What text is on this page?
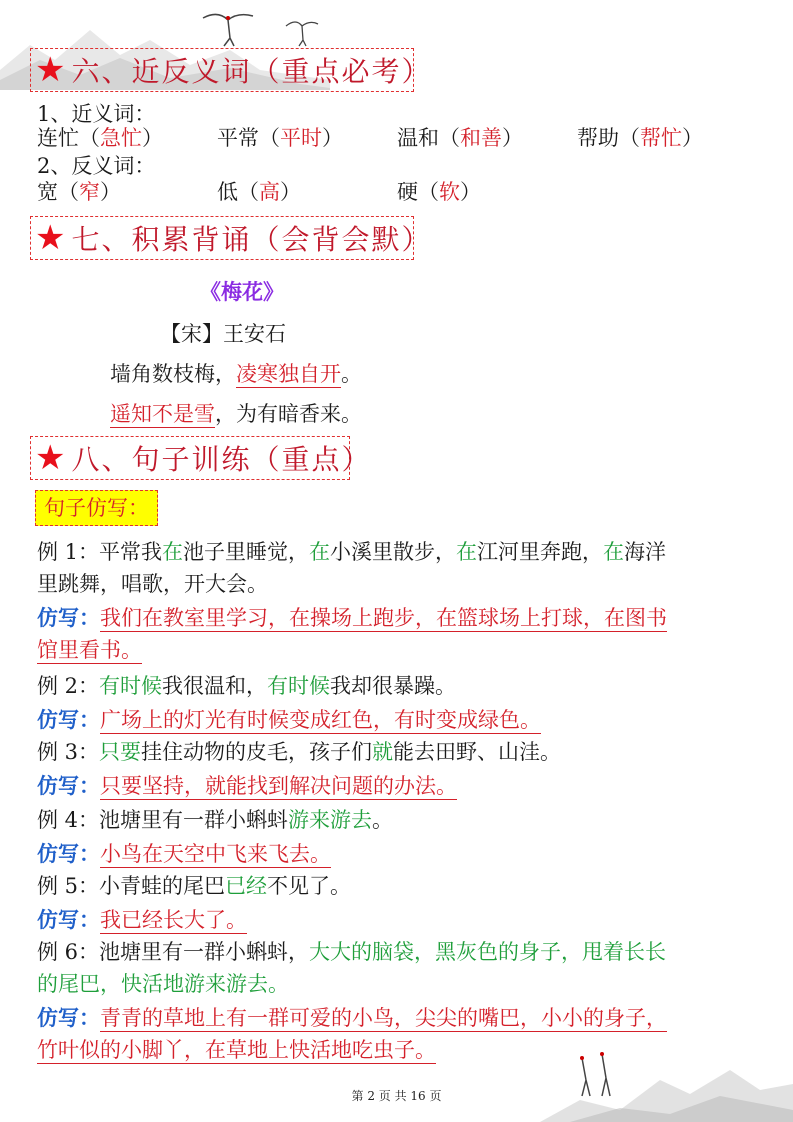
★ 六、近反义词（重点必考）
1、近义词：
连忙（急忙）	平常（平时）	温和（和善）	帮助（帮忙）
2、反义词：
宽（窄）	低（高）	硬（软）
★ 七、积累背诵（会背会默）
《梅花》
【宋】王安石
墙角数枝梅，凌寒独自开。
遥知不是雪，为有暗香来。
★ 八、句子训练（重点）
句子仿写：
例 1：平常我在池子里睡觉，在小溪里散步，在江河里奔跑，在海洋
里跳舞，唱歌，开大会。
仿写：我们在教室里学习，在操场上跑步，在篮球场上打球，在图书
馆里看书。
例 2：有时候我很温和，有时候我却很暴躁。
仿写：广场上的灯光有时候变成红色，有时变成绿色。
例 3：只要挂住动物的皮毛，孩子们就能去田野、山洼。
仿写：只要坚持，就能找到解决问题的办法。
例 4：池塘里有一群小蝌蚪游来游去。
仿写：小鸟在天空中飞来飞去。
例 5：小青蛙的尾巴已经不见了。
仿写：我已经长大了。
例 6：池塘里有一群小蝌蚪，大大的脑袋，黑灰色的身子，甩着长长
的尾巴，快活地游来游去。
仿写：青青的草地上有一群可爱的小鸟，尖尖的嘴巴，小小的身子，
竹叶似的小脚丫，在草地上快活地吃虫子。
第 2 页 共 16 页
